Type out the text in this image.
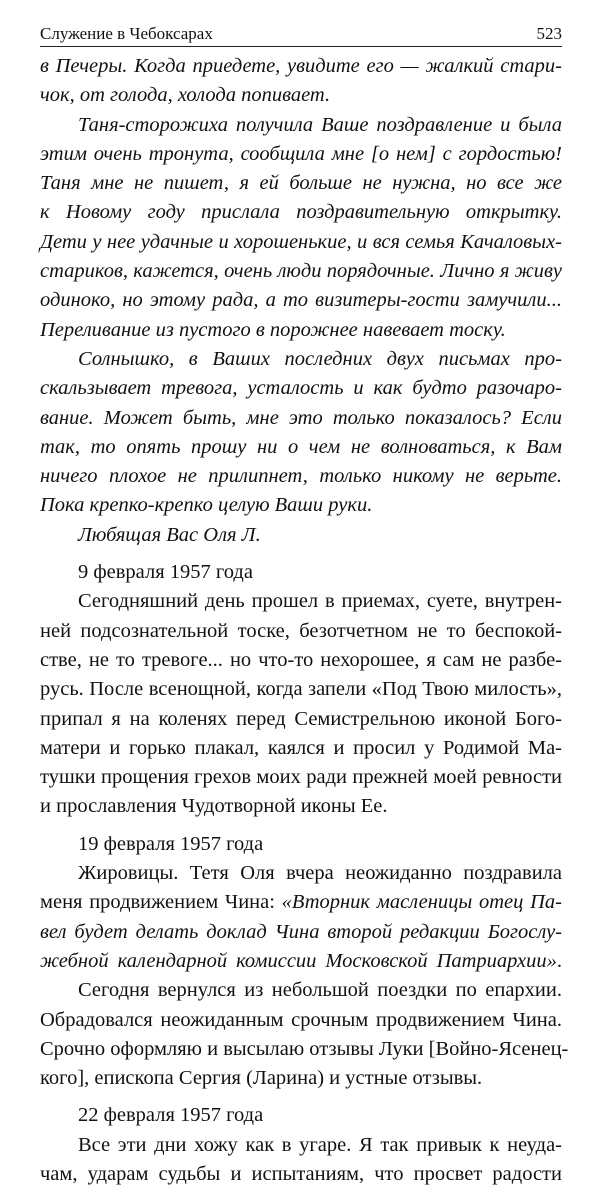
Служение в Чебоксарах	523
в Печеры. Когда приедете, увидите его — жалкий стари-
чок, от голода, холода попивает.
Таня-сторожиха получила Ваше поздравление и была
этим очень тронута, сообщила мне [о нем] с гордостью!
Таня мне не пишет, я ей больше не нужна, но все же
к Новому году прислала поздравительную открытку.
Дети у нее удачные и хорошенькие, и вся семья Качаловых-
стариков, кажется, очень люди порядочные. Лично я живу
одиноко, но этому рада, а то визитеры-гости замучили...
Переливание из пустого в порожнее навевает тоску.
Солнышко, в Ваших последних двух письмах про-
скальзывает тревога, усталость и как будто разочаро-
вание. Может быть, мне это только показалось? Если
так, то опять прошу ни о чем не волноваться, к Вам
ничего плохое не прилипнет, только никому не верьте.
Пока крепко-крепко целую Ваши руки.
Любящая Вас Оля Л.
9 февраля 1957 года
Сегодняшний день прошел в приемах, суете, внутрен-
ней подсознательной тоске, безотчетном не то беспокой-
стве, не то тревоге... но что-то нехорошее, я сам не разбе-
русь. После всенощной, когда запели «Под Твою милость»,
припал я на коленях перед Семистрельною иконой Бого-
матери и горько плакал, каялся и просил у Родимой Ма-
тушки прощения грехов моих ради прежней моей ревности
и прославления Чудотворной иконы Ее.
19 февраля 1957 года
Жировицы. Тетя Оля вчера неожиданно поздравила
меня продвижением Чина: «Вторник масленицы отец Па-
вел будет делать доклад Чина второй редакции Богослу-
жебной календарной комиссии Московской Патриархии».
Сегодня вернулся из небольшой поездки по епархии.
Обрадовался неожиданным срочным продвижением Чина.
Срочно оформляю и высылаю отзывы Луки [Войно-Ясенец-
кого], епископа Сергия (Ларина) и устные отзывы.
22 февраля 1957 года
Все эти дни хожу как в угаре. Я так привык к неуда-
чам, ударам судьбы и испытаниям, что просвет радости
